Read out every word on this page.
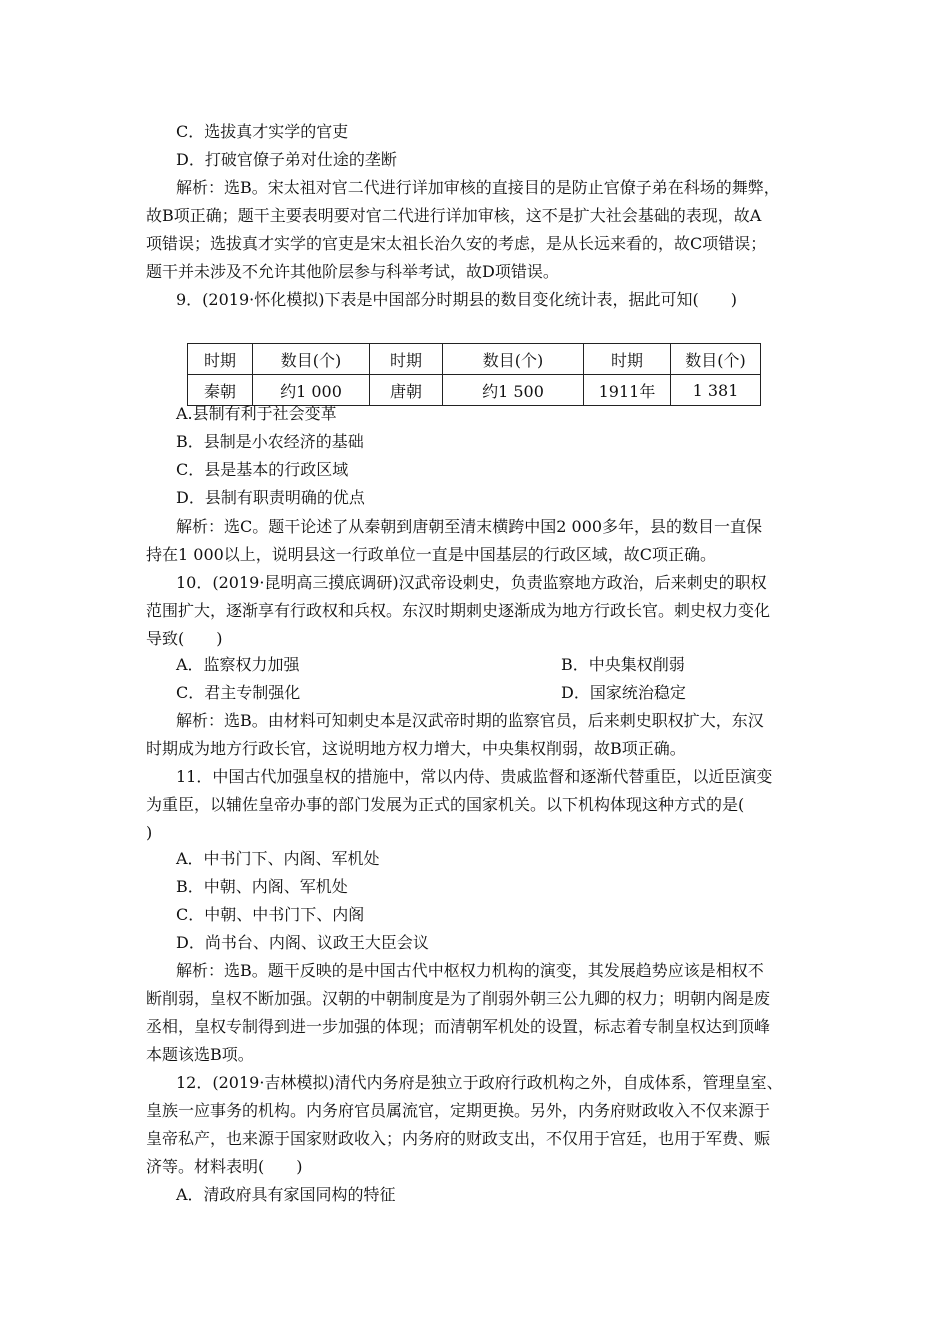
C．选拔真才实学的官吏
D．打破官僚子弟对仕途的垄断
解析：选B。宋太祖对官二代进行详加审核的直接目的是防止官僚子弟在科场的舞弊，
故B项正确；题干主要表明要对官二代进行详加审核，这不是扩大社会基础的表现，故A
项错误；选拔真才实学的官吏是宋太祖长治久安的考虑，是从长远来看的，故C项错误；
题干并未涉及不允许其他阶层参与科举考试，故D项错误。
9．(2019·怀化模拟)下表是中国部分时期县的数目变化统计表，据此可知(　　)
时期	数目(个)	时期	数目(个)	时期	数目(个)
秦朝	约1 000	唐朝	约1 500	1911年	1 381
A.县制有利于社会变革
B．县制是小农经济的基础
C．县是基本的行政区域
D．县制有职责明确的优点
解析：选C。题干论述了从秦朝到唐朝至清末横跨中国2 000多年，县的数目一直保
持在1 000以上，说明县这一行政单位一直是中国基层的行政区域，故C项正确。
10．(2019·昆明高三摸底调研)汉武帝设刺史，负责监察地方政治，后来刺史的职权
范围扩大，逐渐享有行政权和兵权。东汉时期刺史逐渐成为地方行政长官。刺史权力变化
导致(　　)
A．监察权力加强	B．中央集权削弱
C．君主专制强化	D．国家统治稳定
解析：选B。由材料可知刺史本是汉武帝时期的监察官员，后来刺史职权扩大，东汉
时期成为地方行政长官，这说明地方权力增大，中央集权削弱，故B项正确。
11．中国古代加强皇权的措施中，常以内侍、贵戚监督和逐渐代替重臣，以近臣演变
为重臣，以辅佐皇帝办事的部门发展为正式的国家机关。以下机构体现这种方式的是(
)
A．中书门下、内阁、军机处
B．中朝、内阁、军机处
C．中朝、中书门下、内阁
D．尚书台、内阁、议政王大臣会议
解析：选B。题干反映的是中国古代中枢权力机构的演变，其发展趋势应该是相权不
断削弱，皇权不断加强。汉朝的中朝制度是为了削弱外朝三公九卿的权力；明朝内阁是废
丞相，皇权专制得到进一步加强的体现；而清朝军机处的设置，标志着专制皇权达到顶峰
本题该选B项。
12．(2019·吉林模拟)清代内务府是独立于政府行政机构之外，自成体系，管理皇室、
皇族一应事务的机构。内务府官员属流官，定期更换。另外，内务府财政收入不仅来源于
皇帝私产，也来源于国家财政收入；内务府的财政支出，不仅用于宫廷，也用于军费、赈
济等。材料表明(　　)
A．清政府具有家国同构的特征
